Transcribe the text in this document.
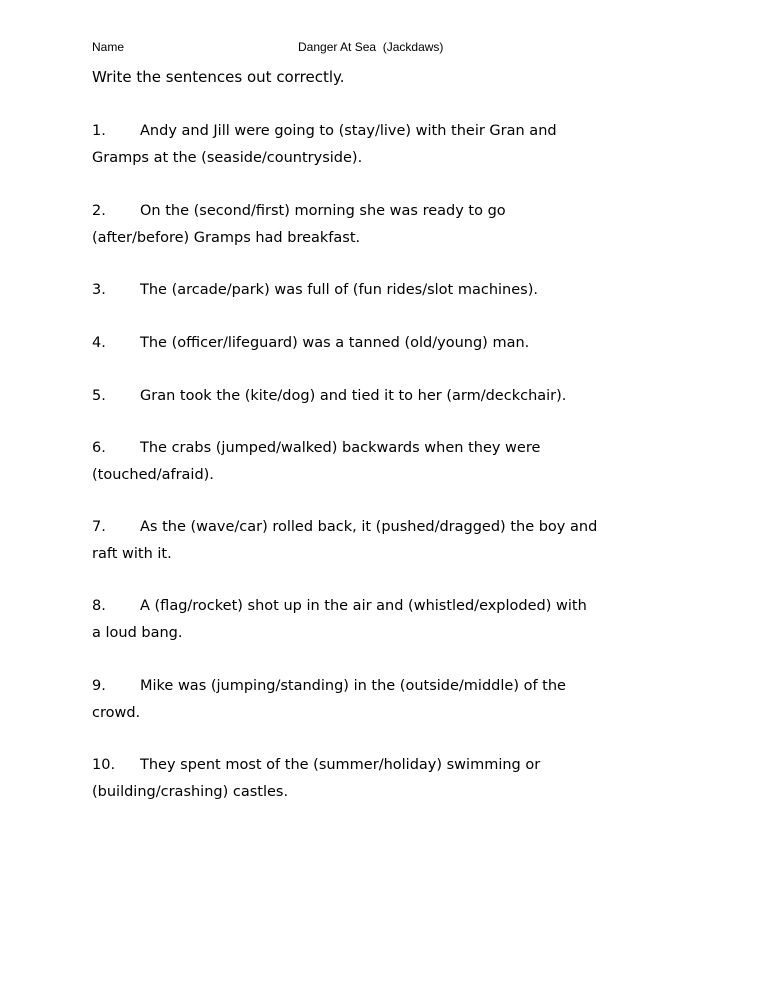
Name	Danger At Sea  (Jackdaws)
Write the sentences out correctly.
1. Andy and Jill were going to (stay/live) with their Gran and
Gramps at the (seaside/countryside).
2. On the (second/first) morning she was ready to go
(after/before) Gramps had breakfast.
3. The (arcade/park) was full of (fun rides/slot machines).
4. The (officer/lifeguard) was a tanned (old/young) man.
5. Gran took the (kite/dog) and tied it to her (arm/deckchair).
6. The crabs (jumped/walked) backwards when they were
(touched/afraid).
7. As the (wave/car) rolled back, it (pushed/dragged) the boy and
raft with it.
8. A (flag/rocket) shot up in the air and (whistled/exploded) with
a loud bang.
9. Mike was (jumping/standing) in the (outside/middle) of the
crowd.
10. They spent most of the (summer/holiday) swimming or
(building/crashing) castles.
